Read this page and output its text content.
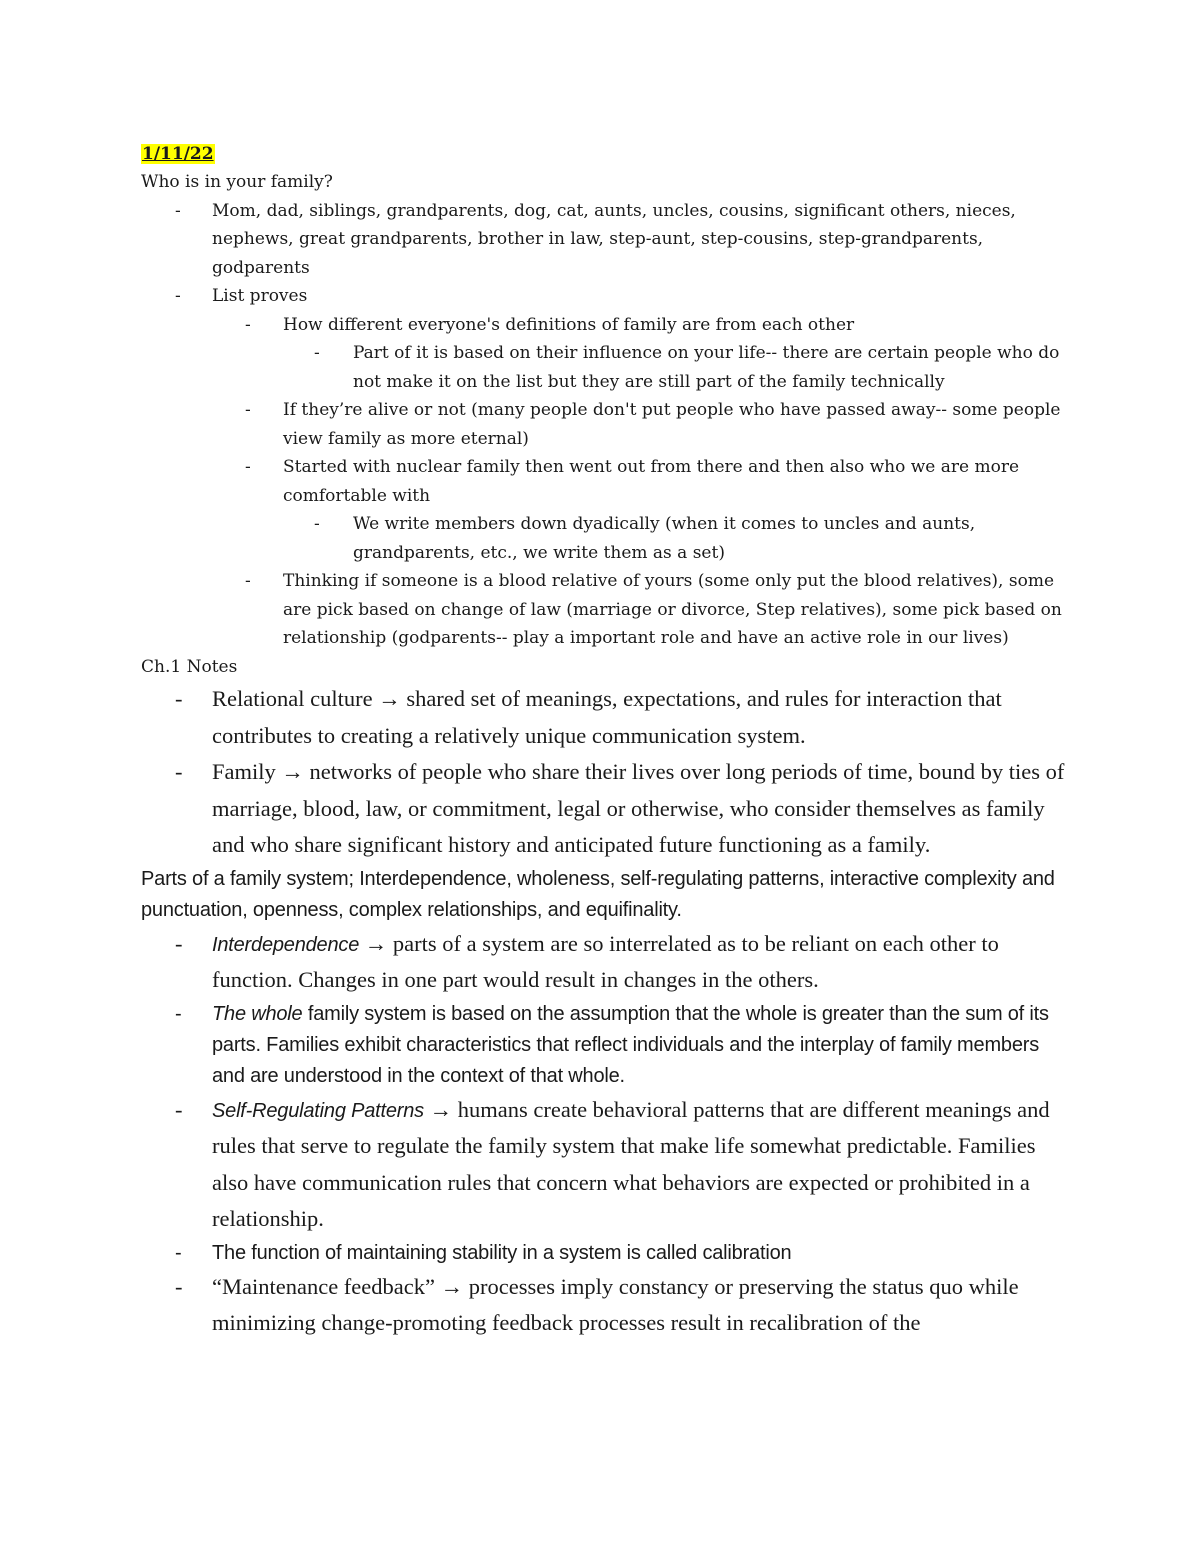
1/11/22

Who is in your family?

- Mom, dad, siblings, grandparents, dog, cat, aunts, uncles, cousins, significant others, nieces, nephews, great grandparents, brother in law, step-aunt, step-cousins, step-grandparents, godparents
- List proves
- How different everyone's definitions of family are from each other
- Part of it is based on their influence on your life-- there are certain people who do not make it on the list but they are still part of the family technically
- If they’re alive or not (many people don't put people who have passed away-- some people view family as more eternal)
- Started with nuclear family then went out from there and then also who we are more comfortable with
- We write members down dyadically (when it comes to uncles and aunts, grandparents, etc., we write them as a set)
- Thinking if someone is a blood relative of yours (some only put the blood relatives), some are pick based on change of law (marriage or divorce, Step relatives), some pick based on relationship (godparents-- play a important role and have an active role in our lives)

Ch.1 Notes

- Relational culture → shared set of meanings, expectations, and rules for interaction that contributes to creating a relatively unique communication system.
- Family → networks of people who share their lives over long periods of time, bound by ties of marriage, blood, law, or commitment, legal or otherwise, who consider themselves as family and who share significant history and anticipated future functioning as a family.

Parts of a family system; Interdependence, wholeness, self-regulating patterns, interactive complexity and punctuation, openness, complex relationships, and equifinality.

- Interdependence → parts of a system are so interrelated as to be reliant on each other to function. Changes in one part would result in changes in the others.
- The whole family system is based on the assumption that the whole is greater than the sum of its parts. Families exhibit characteristics that reflect individuals and the interplay of family members and are understood in the context of that whole.
- Self-Regulating Patterns → humans create behavioral patterns that are different meanings and rules that serve to regulate the family system that make life somewhat predictable. Families also have communication rules that concern what behaviors are expected or prohibited in a relationship.
- The function of maintaining stability in a system is called calibration
- “Maintenance feedback” → processes imply constancy or preserving the status quo while minimizing change-promoting feedback processes result in recalibration of the
